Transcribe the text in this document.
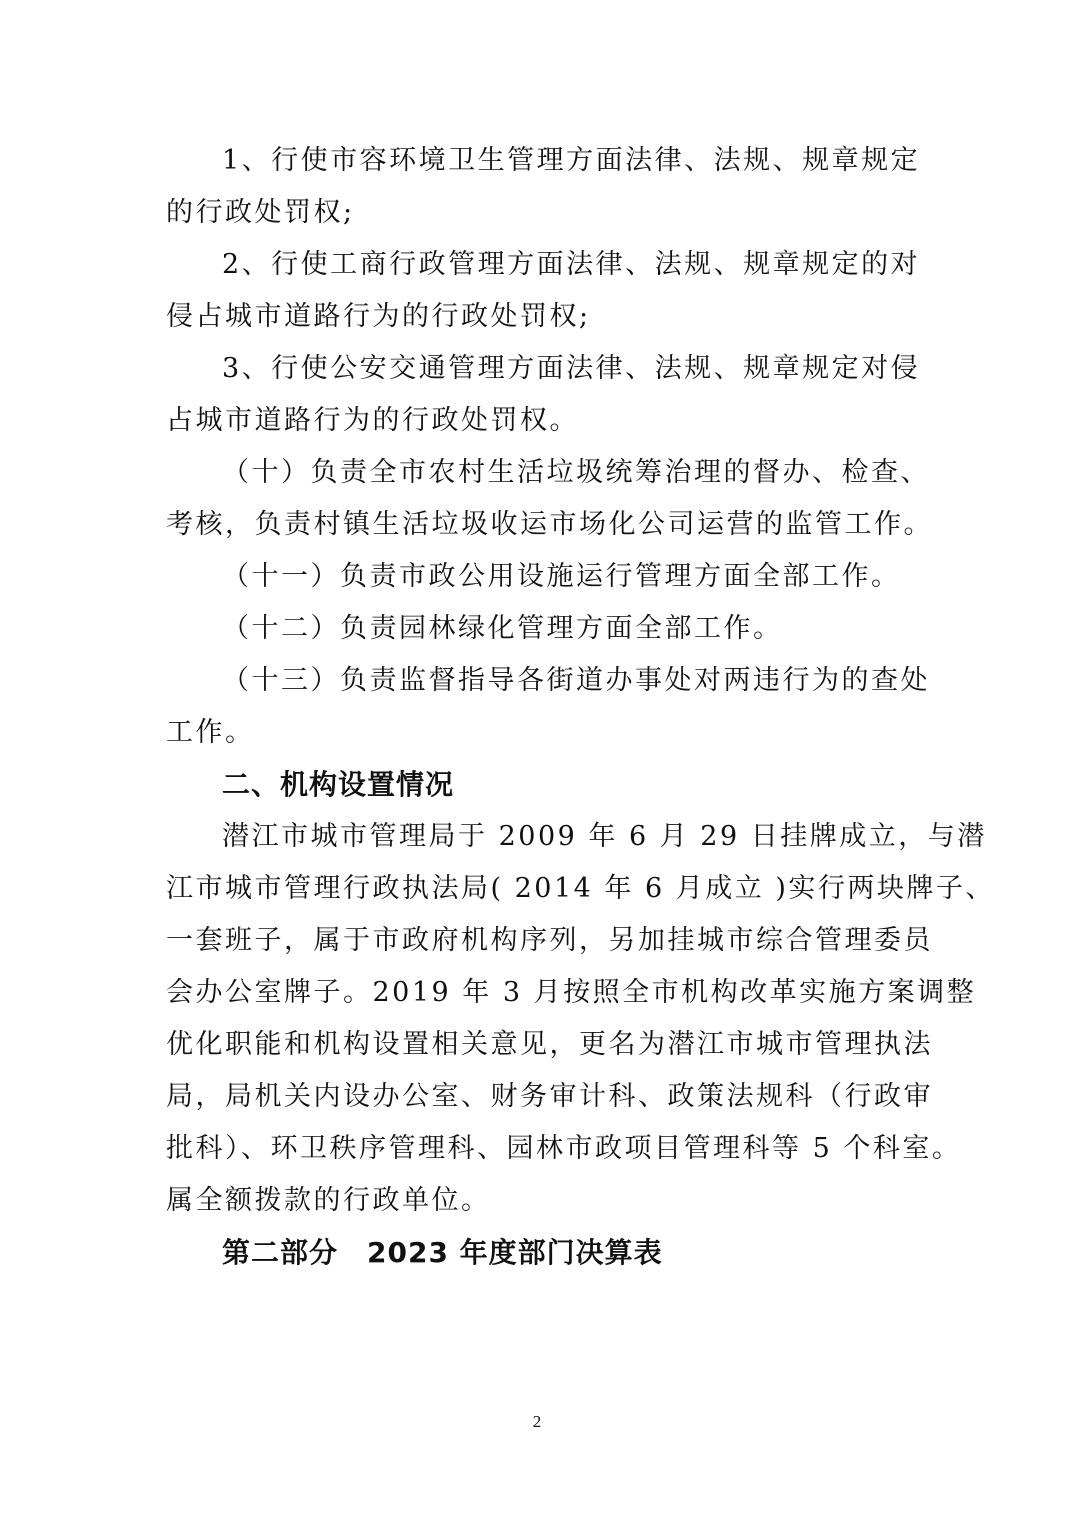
1、行使市容环境卫生管理方面法律、法规、规章规定
的行政处罚权;
2、行使工商行政管理方面法律、法规、规章规定的对
侵占城市道路行为的行政处罚权;
3、行使公安交通管理方面法律、法规、规章规定对侵
占城市道路行为的行政处罚权。
（十）负责全市农村生活垃圾统筹治理的督办、检查、
考核，负责村镇生活垃圾收运市场化公司运营的监管工作。
（十一）负责市政公用设施运行管理方面全部工作。
（十二）负责园林绿化管理方面全部工作。
（十三）负责监督指导各街道办事处对两违行为的查处
工作。
二、机构设置情况
潜江市城市管理局于 2009 年 6 月 29 日挂牌成立，与潜
江市城市管理行政执法局( 2014 年 6 月成立 )实行两块牌子、
一套班子，属于市政府机构序列，另加挂城市综合管理委员
会办公室牌子。2019 年 3 月按照全市机构改革实施方案调整
优化职能和机构设置相关意见，更名为潜江市城市管理执法
局，局机关内设办公室、财务审计科、政策法规科（行政审
批科）、环卫秩序管理科、园林市政项目管理科等 5 个科室。
属全额拨款的行政单位。
第二部分　2023 年度部门决算表
2
